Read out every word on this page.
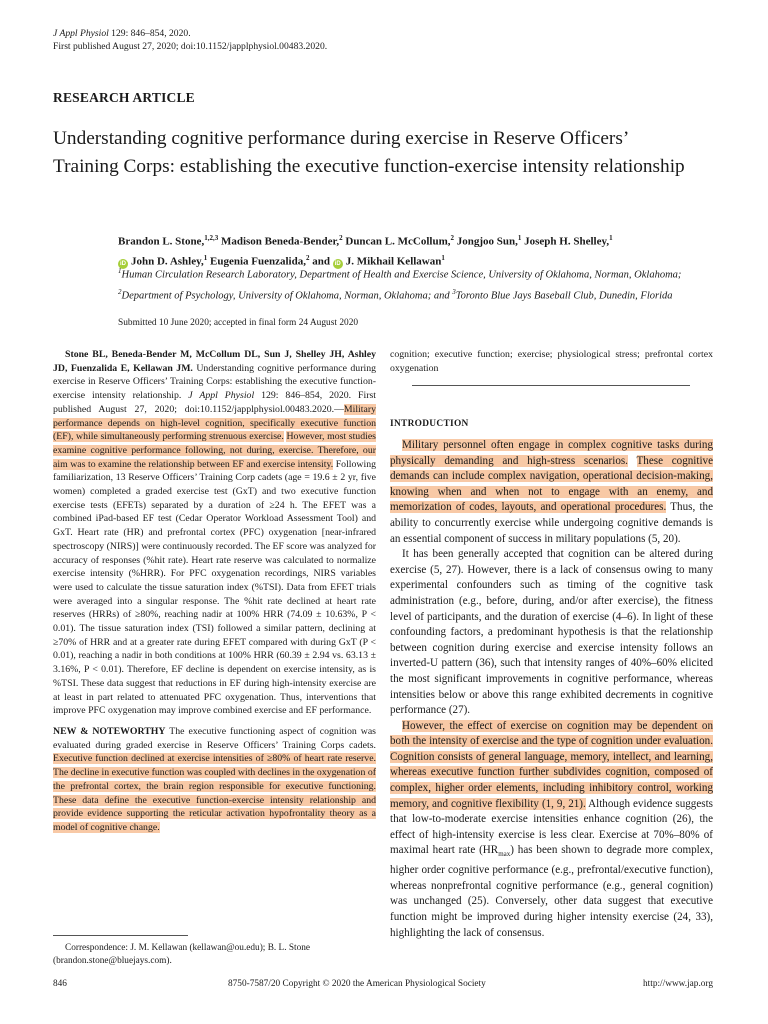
J Appl Physiol 129: 846–854, 2020.
First published August 27, 2020; doi:10.1152/japplphysiol.00483.2020.
RESEARCH ARTICLE
Understanding cognitive performance during exercise in Reserve Officers’ Training Corps: establishing the executive function-exercise intensity relationship
Brandon L. Stone,$^{1,2,3}$ Madison Beneda-Bender,$^2$ Duncan L. McCollum,$^2$ Jongjoo Sun,$^1$ Joseph H. Shelley,$^1$
iD John D. Ashley,$^1$ Eugenia Fuenzalida,$^2$ and iD J. Mikhail Kellawan$^1$
$^1$Human Circulation Research Laboratory, Department of Health and Exercise Science, University of Oklahoma, Norman, Oklahoma; $^2$Department of Psychology, University of Oklahoma, Norman, Oklahoma; and $^3$Toronto Blue Jays Baseball Club, Dunedin, Florida
Submitted 10 June 2020; accepted in final form 24 August 2020

Stone BL, Beneda-Bender M, McCollum DL, Sun J, Shelley JH, Ashley JD, Fuenzalida E, Kellawan JM. Understanding cognitive performance during exercise in Reserve Officers’ Training Corps: establishing the executive function-exercise intensity relationship. J Appl Physiol 129: 846–854, 2020. First published August 27, 2020; doi:10.1152/japplphysiol.00483.2020.—Military performance depends on high-level cognition, specifically executive function (EF), while simultaneously performing strenuous exercise. However, most studies examine cognitive performance following, not during, exercise. Therefore, our aim was to examine the relationship between EF and exercise intensity. Following familiarization, 13 Reserve Officers’ Training Corp cadets (age = 19.6 ± 2 yr, five women) completed a graded exercise test (GxT) and two executive function exercise tests (EFETs) separated by a duration of ≥24 h. The EFET was a combined iPad-based EF test (Cedar Operator Workload Assessment Tool) and GxT. Heart rate (HR) and prefrontal cortex (PFC) oxygenation [near-infrared spectroscopy (NIRS)] were continuously recorded. The EF score was analyzed for accuracy of responses (%hit rate). Heart rate reserve was calculated to normalize exercise intensity (%HRR). For PFC oxygenation recordings, NIRS variables were used to calculate the tissue saturation index (%TSI). Data from EFET trials were averaged into a singular response. The %hit rate declined at heart rate reserves (HRRs) of ≥80%, reaching nadir at 100% HRR (74.09 ± 10.63%, P < 0.01). The tissue saturation index (TSI) followed a similar pattern, declining at ≥70% of HRR and at a greater rate during EFET compared with during GxT (P < 0.01), reaching a nadir in both conditions at 100% HRR (60.39 ± 2.94 vs. 63.13 ± 3.16%, P < 0.01). Therefore, EF decline is dependent on exercise intensity, as is %TSI. These data suggest that reductions in EF during high-intensity exercise are at least in part related to attenuated PFC oxygenation. Thus, interventions that improve PFC oxygenation may improve combined exercise and EF performance.

NEW & NOTEWORTHY The executive functioning aspect of cognition was evaluated during graded exercise in Reserve Officers’ Training Corps cadets. Executive function declined at exercise intensities of ≥80% of heart rate reserve. The decline in executive function was coupled with declines in the oxygenation of the prefrontal cortex, the brain region responsible for executive functioning. These data define the executive function-exercise intensity relationship and provide evidence supporting the reticular activation hypofrontality theory as a model of cognitive change.

cognition; executive function; exercise; physiological stress; prefrontal cortex oxygenation
INTRODUCTION

Military personnel often engage in complex cognitive tasks during physically demanding and high-stress scenarios. These cognitive demands can include complex navigation, operational decision-making, knowing when and when not to engage with an enemy, and memorization of codes, layouts, and operational procedures. Thus, the ability to concurrently exercise while undergoing cognitive demands is an essential component of success in military populations (5, 20).

It has been generally accepted that cognition can be altered during exercise (5, 27). However, there is a lack of consensus owing to many experimental confounders such as timing of the cognitive task administration (e.g., before, during, and/or after exercise), the fitness level of participants, and the duration of exercise (4–6). In light of these confounding factors, a predominant hypothesis is that the relationship between cognition during exercise and exercise intensity follows an inverted-U pattern (36), such that intensity ranges of 40%–60% elicited the most significant improvements in cognitive performance, whereas intensities below or above this range exhibited decrements in cognitive performance (27).

However, the effect of exercise on cognition may be dependent on both the intensity of exercise and the type of cognition under evaluation. Cognition consists of general language, memory, intellect, and learning, whereas executive function further subdivides cognition, composed of complex, higher order elements, including inhibitory control, working memory, and cognitive flexibility (1, 9, 21). Although evidence suggests that low-to-moderate exercise intensities enhance cognition (26), the effect of high-intensity exercise is less clear. Exercise at 70%–80% of maximal heart rate $(HR_{max})$ has been shown to degrade more complex, higher order cognitive performance (e.g., prefrontal/executive function), whereas nonprefrontal cognitive performance (e.g., general cognition) was unchanged (25). Conversely, other data suggest that executive function might be improved during higher intensity exercise (24, 33), highlighting the lack of consensus.

Correspondence: J. M. Kellawan (kellawan@ou.edu); B. L. Stone (brandon.stone@bluejays.com).
846	8750-7587/20 Copyright © 2020 the American Physiological Society	http://www.jap.org
